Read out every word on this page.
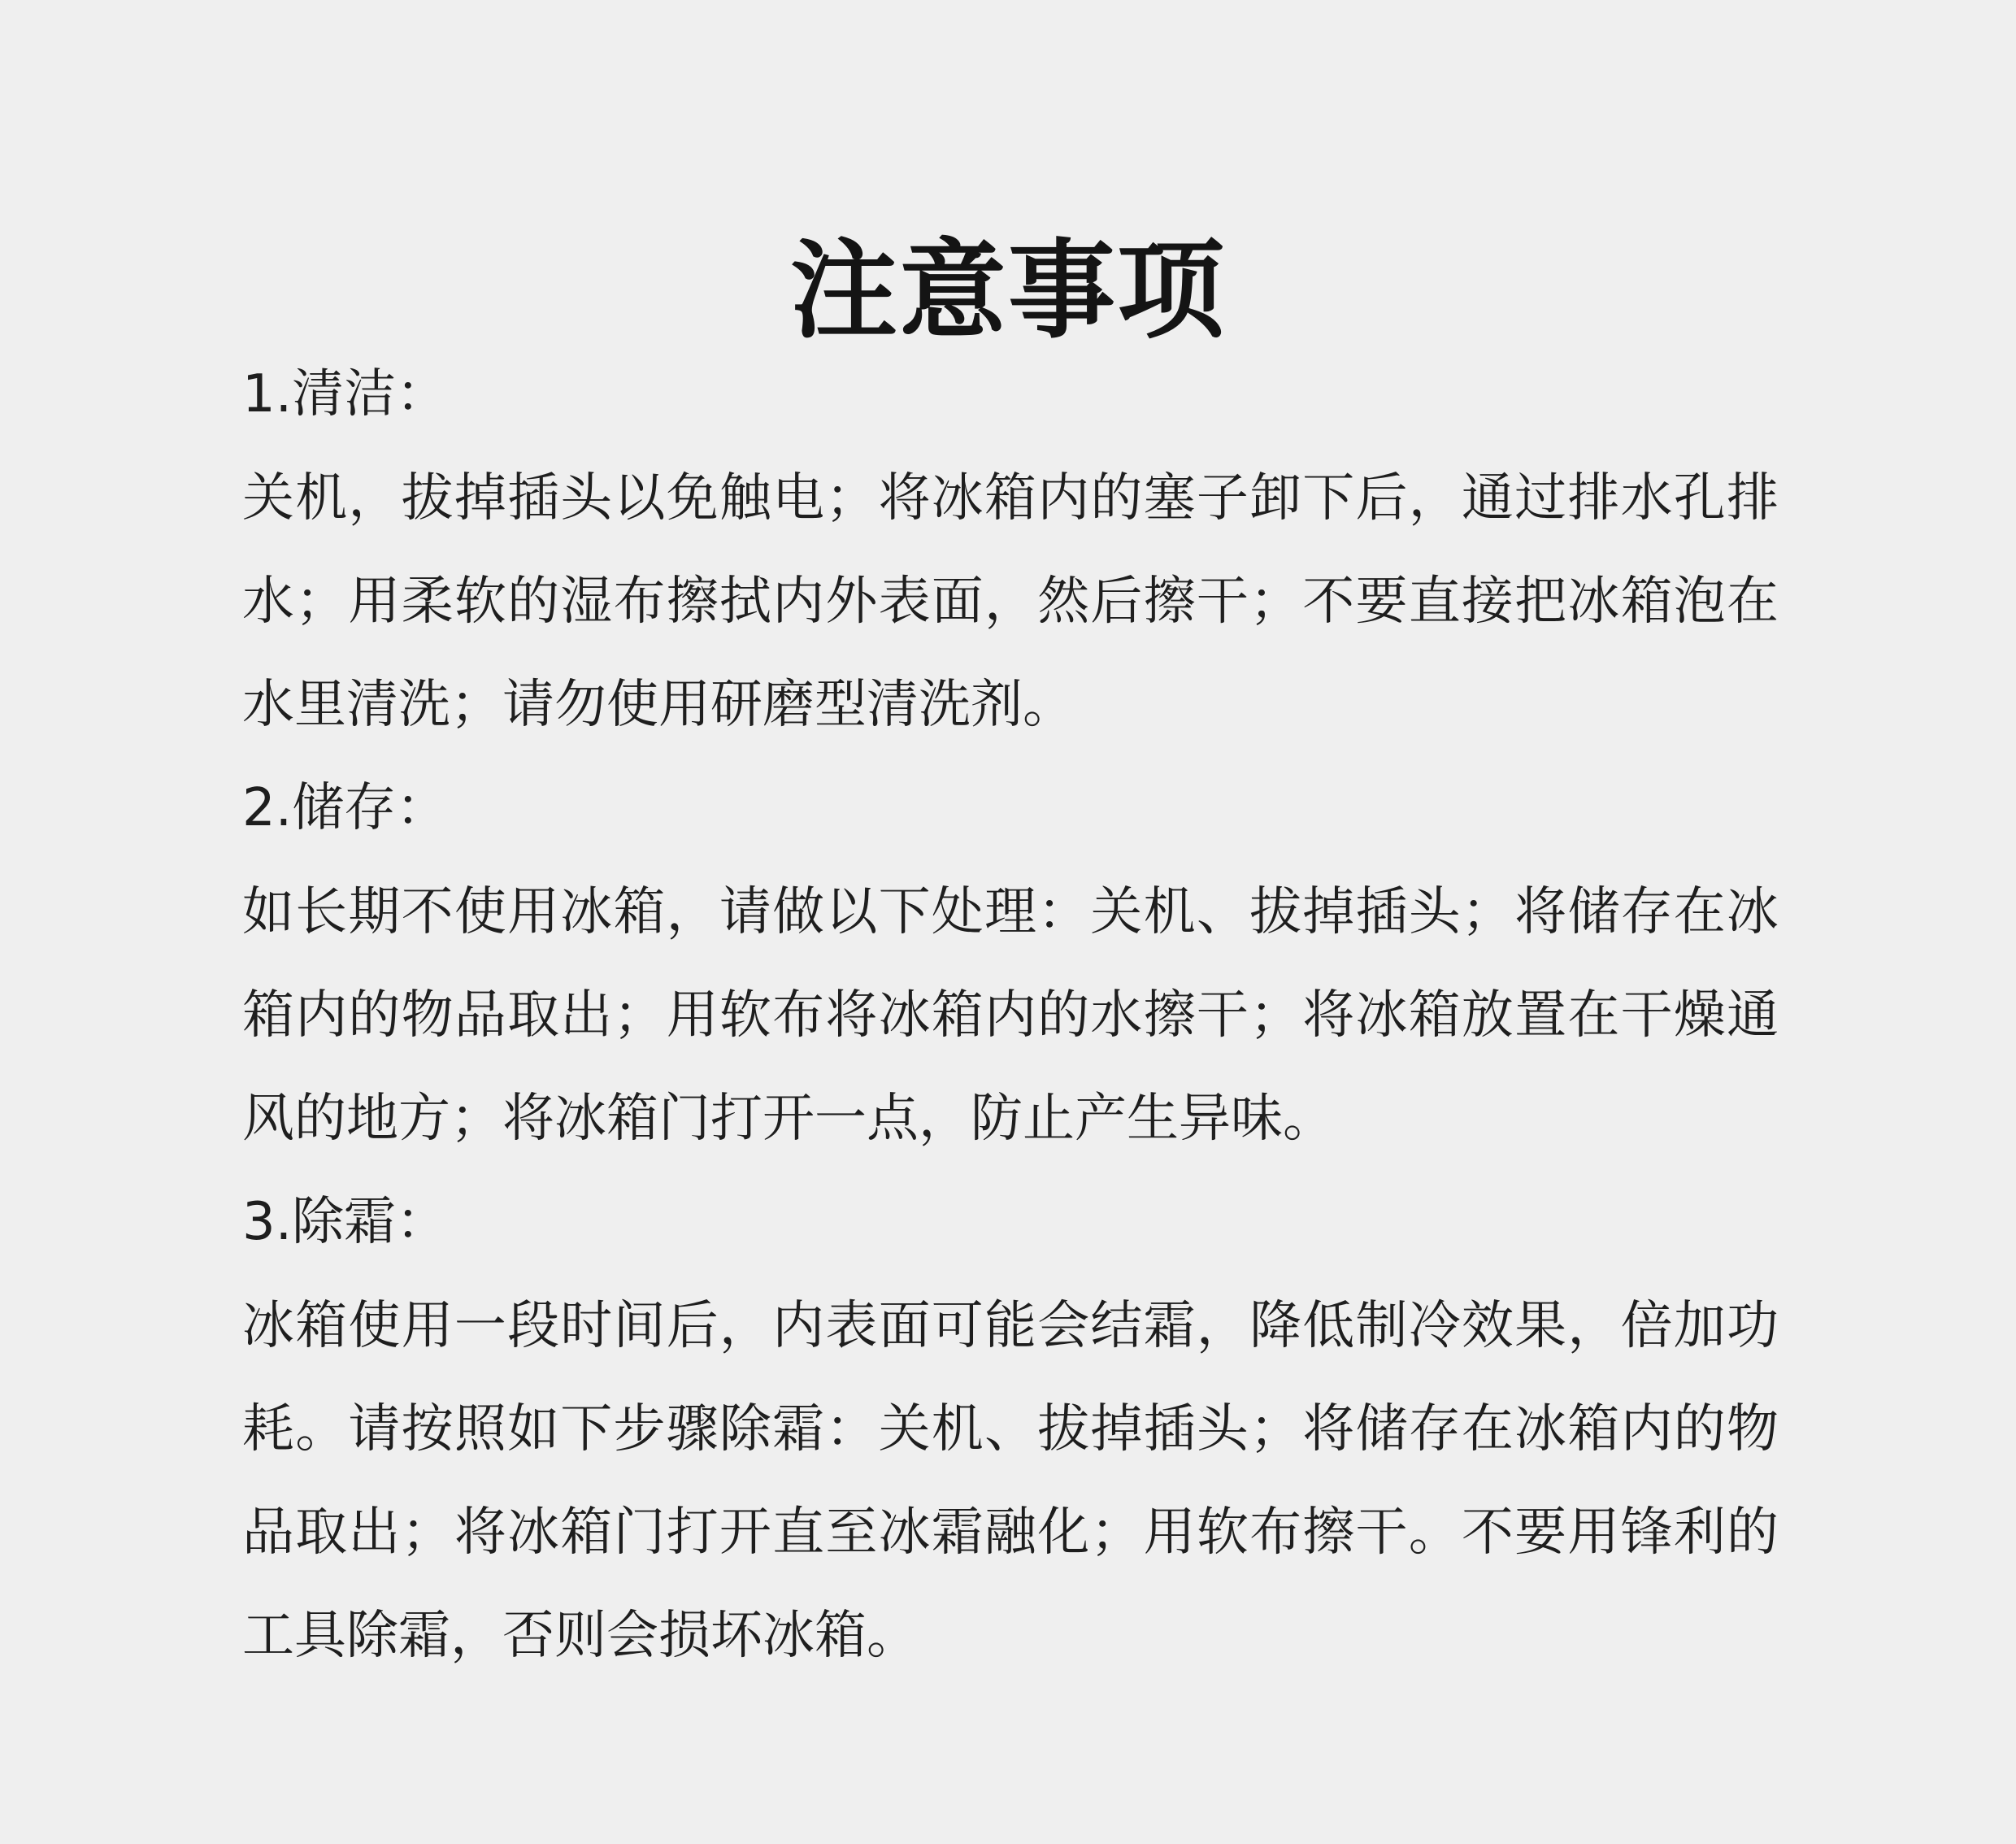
注意事项
1.清洁：

关机，拔掉插头以免触电；将冰箱内的塞子卸下后，通过排水孔排水；用柔软的湿布擦拭内外表面，然后擦干；不要直接把冰箱泡在水里清洗；请勿使用研磨型清洗剂。

2.储存：

如长期不使用冰箱，请做以下处理：关机、拔掉插头；将储存在冰箱内的物品取出；用软布将冰箱内的水擦干；将冰箱放置在干燥通风的地方；将冰箱门打开一点，防止产生异味。

3.除霜：

冰箱使用一段时间后，内表面可能会结霜，降低制冷效果，倍加功耗。请按照如下步骤除霜：关机、拔掉插头；将储存在冰箱内的物品取出；将冰箱门打开直至冰霜融化；用软布擦干。不要用锋利的工具除霜，否则会损坏冰箱。
